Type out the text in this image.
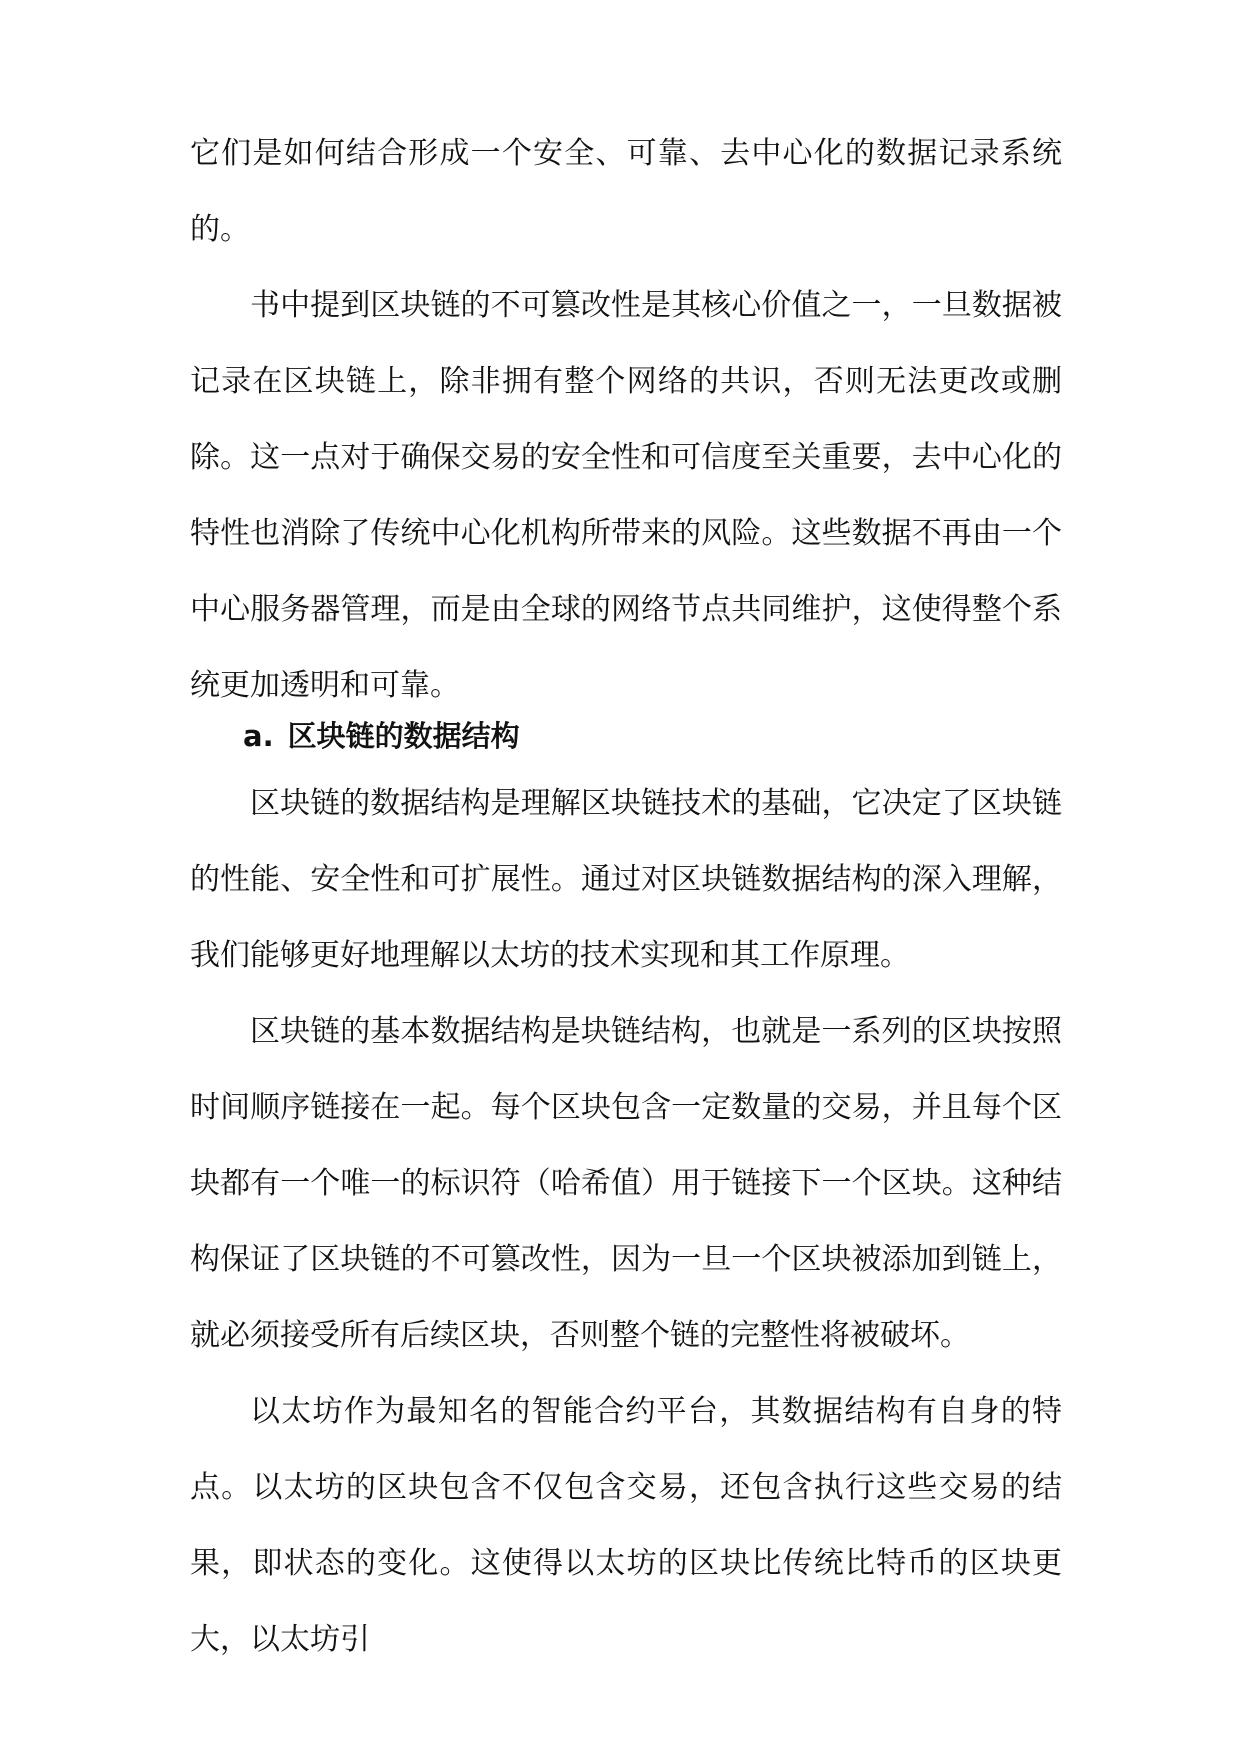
它们是如何结合形成一个安全、可靠、去中心化的数据记录系统的。

书中提到区块链的不可篡改性是其核心价值之一，一旦数据被记录在区块链上，除非拥有整个网络的共识，否则无法更改或删除。这一点对于确保交易的安全性和可信度至关重要，去中心化的特性也消除了传统中心化机构所带来的风险。这些数据不再由一个中心服务器管理，而是由全球的网络节点共同维护，这使得整个系统更加透明和可靠。

a. 区块链的数据结构

区块链的数据结构是理解区块链技术的基础，它决定了区块链的性能、安全性和可扩展性。通过对区块链数据结构的深入理解，我们能够更好地理解以太坊的技术实现和其工作原理。

区块链的基本数据结构是块链结构，也就是一系列的区块按照时间顺序链接在一起。每个区块包含一定数量的交易，并且每个区块都有一个唯一的标识符（哈希值）用于链接下一个区块。这种结构保证了区块链的不可篡改性，因为一旦一个区块被添加到链上，就必须接受所有后续区块，否则整个链的完整性将被破坏。

以太坊作为最知名的智能合约平台，其数据结构有自身的特点。以太坊的区块包含不仅包含交易，还包含执行这些交易的结果，即状态的变化。这使得以太坊的区块比传统比特币的区块更大，以太坊引
